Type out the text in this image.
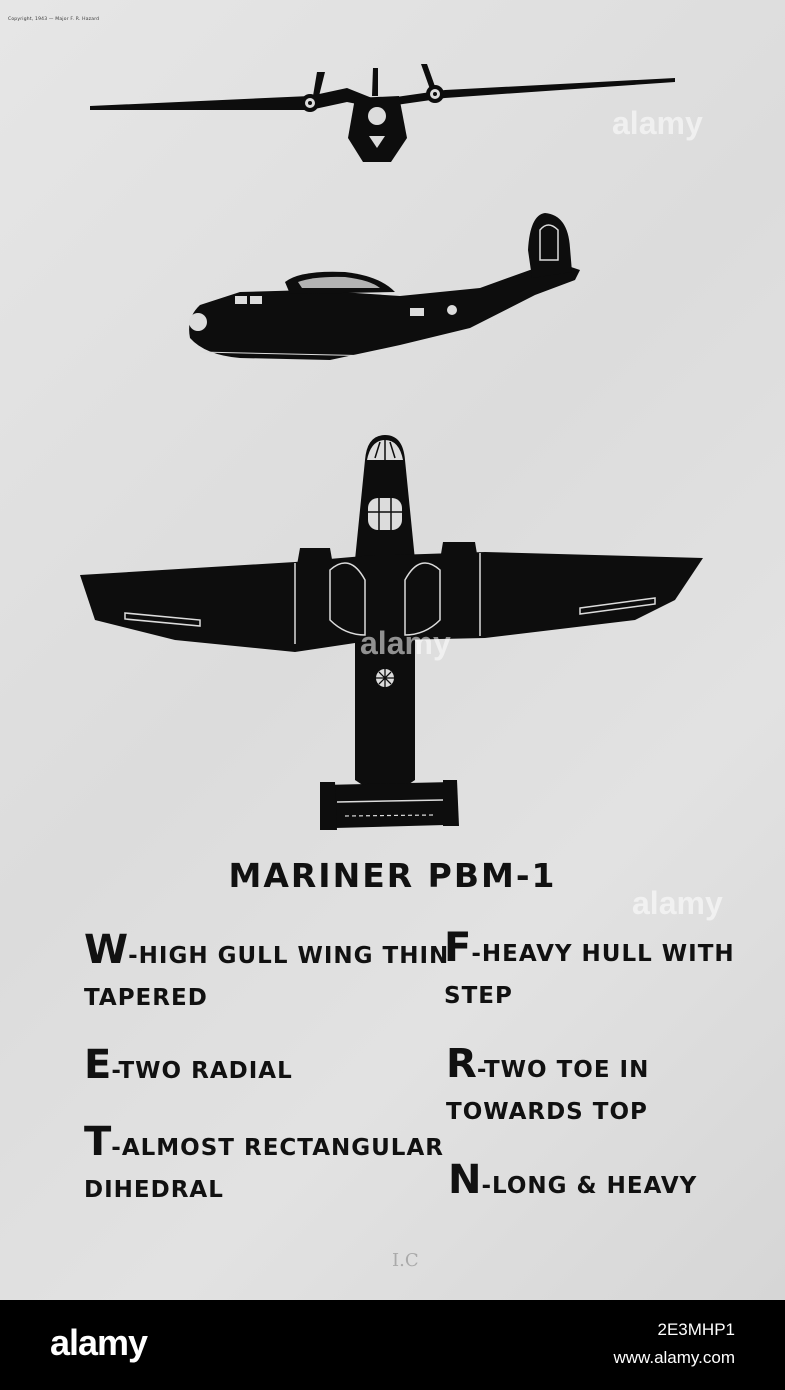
Copyright, 1943 — Major F. R. Hazard
alamy
alamy
alamy
MARINER PBM-1
W-HIGH GULL WING THIN
TAPERED
F-HEAVY HULL WITH
STEP
E-TWO RADIAL	R-TWO TOE IN
TOWARDS TOP
T-ALMOST RECTANGULAR
DIHEDRAL	N-LONG & HEAVY
I.C
alamy	2E3MHP1
www.alamy.com
